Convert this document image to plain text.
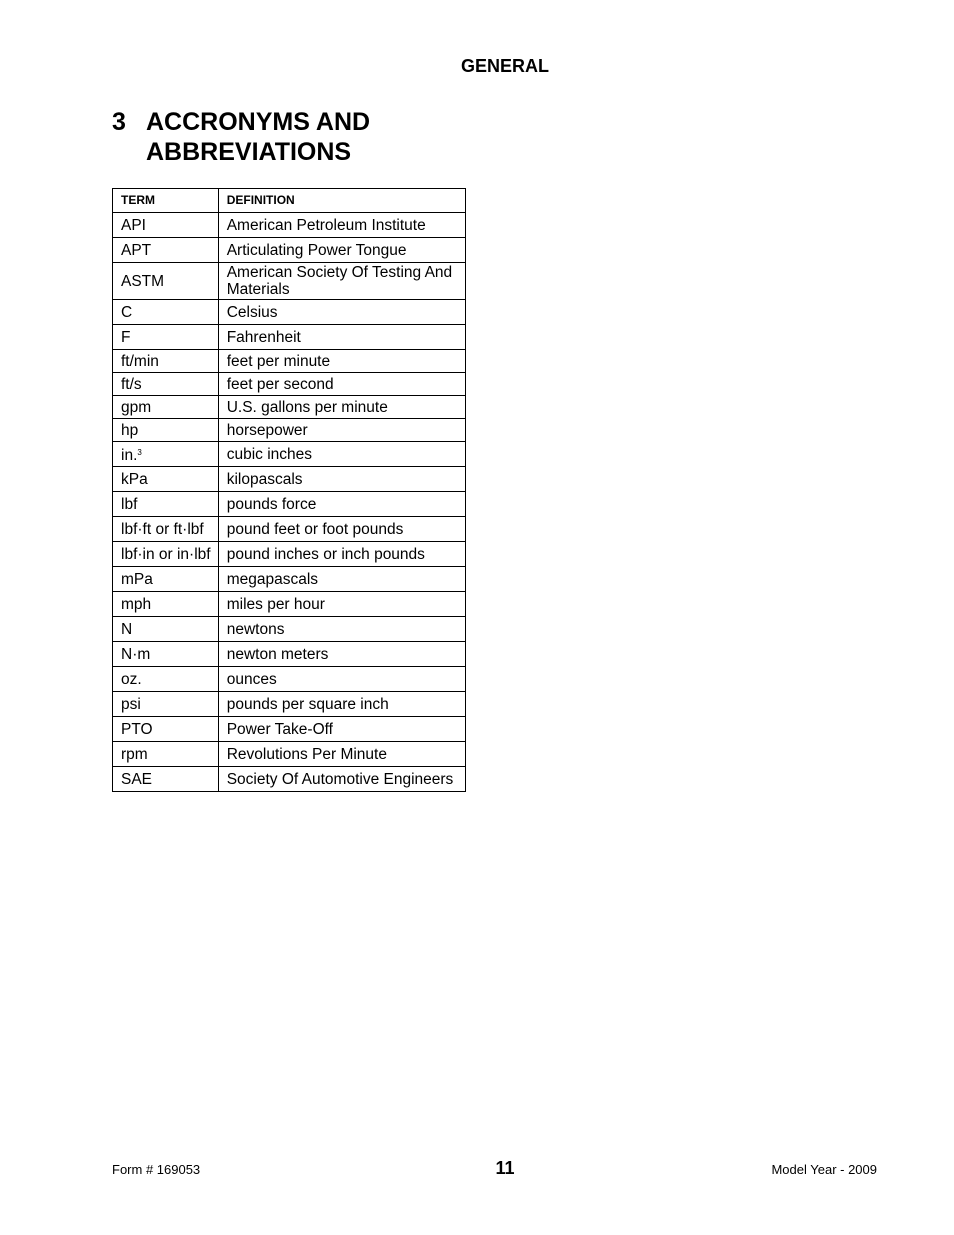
GENERAL
3 ACCRONYMS AND ABBREVIATIONS
TERM	DEFINITION
API	American Petroleum Institute
APT	Articulating Power Tongue
ASTM	American Society Of Testing And Materials
C	Celsius
F	Fahrenheit
ft/min	feet per minute
ft/s	feet per second
gpm	U.S. gallons per minute
hp	horsepower
in.$^3$	cubic inches
kPa	kilopascals
lbf	pounds force
lbf·ft or ft·lbf	pound feet or foot pounds
lbf·in or in·lbf	pound inches or inch pounds
mPa	megapascals
mph	miles per hour
N	newtons
N·m	newton meters
oz.	ounces
psi	pounds per square inch
PTO	Power Take-Off
rpm	Revolutions Per Minute
SAE	Society Of Automotive Engineers
Form # 169053	11	Model Year - 2009
